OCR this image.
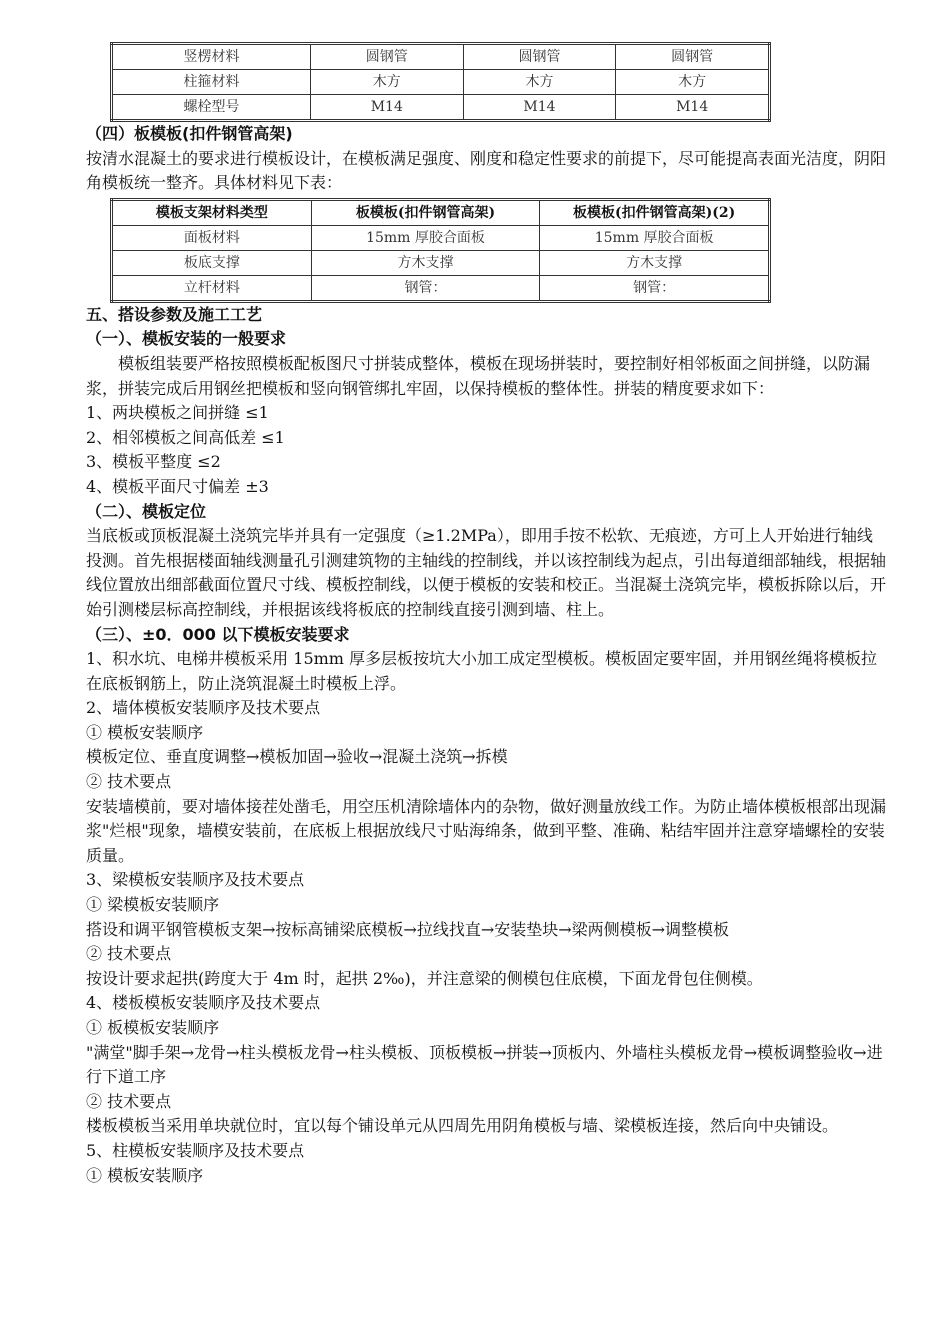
竖楞材料	圆钢管	圆钢管	圆钢管
柱箍材料	木方	木方	木方
螺栓型号	M14	M14	M14

（四）板模板(扣件钢管高架)

按清水混凝土的要求进行模板设计，在模板满足强度、刚度和稳定性要求的前提下，尽可能提高表面光洁度，阴阳角模板统一整齐。具体材料见下表：

模板支架材料类型	板模板(扣件钢管高架)	板模板(扣件钢管高架)(2)
面板材料	15mm 厚胶合面板	15mm 厚胶合面板
板底支撑	方木支撑	方木支撑
立杆材料	钢管：	钢管：

五、搭设参数及施工工艺

（一）、模板安装的一般要求

模板组装要严格按照模板配板图尺寸拼装成整体，模板在现场拼装时，要控制好相邻板面之间拼缝，以防漏浆，拼装完成后用钢丝把模板和竖向钢管绑扎牢固，以保持模板的整体性。拼装的精度要求如下：

1、两块模板之间拼缝 ≤1

2、相邻模板之间高低差 ≤1

3、模板平整度 ≤2

4、模板平面尺寸偏差 ±3

（二）、模板定位

当底板或顶板混凝土浇筑完毕并具有一定强度（≥1.2MPa），即用手按不松软、无痕迹，方可上人开始进行轴线投测。首先根据楼面轴线测量孔引测建筑物的主轴线的控制线，并以该控制线为起点，引出每道细部轴线，根据轴线位置放出细部截面位置尺寸线、模板控制线，以便于模板的安装和校正。当混凝土浇筑完毕，模板拆除以后，开始引测楼层标高控制线，并根据该线将板底的控制线直接引测到墙、柱上。

（三）、±0．000 以下模板安装要求

1、积水坑、电梯井模板采用 15mm 厚多层板按坑大小加工成定型模板。模板固定要牢固，并用钢丝绳将模板拉在底板钢筋上，防止浇筑混凝土时模板上浮。

2、墙体模板安装顺序及技术要点

① 模板安装顺序

模板定位、垂直度调整→模板加固→验收→混凝土浇筑→拆模

② 技术要点

安装墙模前，要对墙体接茬处凿毛，用空压机清除墙体内的杂物，做好测量放线工作。为防止墙体模板根部出现漏浆"烂根"现象，墙模安装前，在底板上根据放线尺寸贴海绵条，做到平整、准确、粘结牢固并注意穿墙螺栓的安装质量。

3、梁模板安装顺序及技术要点

① 梁模板安装顺序

搭设和调平钢管模板支架→按标高铺梁底模板→拉线找直→安装垫块→梁两侧模板→调整模板

② 技术要点

按设计要求起拱(跨度大于 4m 时，起拱 2‰)，并注意梁的侧模包住底模，下面龙骨包住侧模。

4、楼板模板安装顺序及技术要点

① 板模板安装顺序

"满堂"脚手架→龙骨→柱头模板龙骨→柱头模板、顶板模板→拼装→顶板内、外墙柱头模板龙骨→模板调整验收→进行下道工序

② 技术要点

楼板模板当采用单块就位时，宜以每个铺设单元从四周先用阴角模板与墙、梁模板连接，然后向中央铺设。

5、柱模板安装顺序及技术要点

① 模板安装顺序
